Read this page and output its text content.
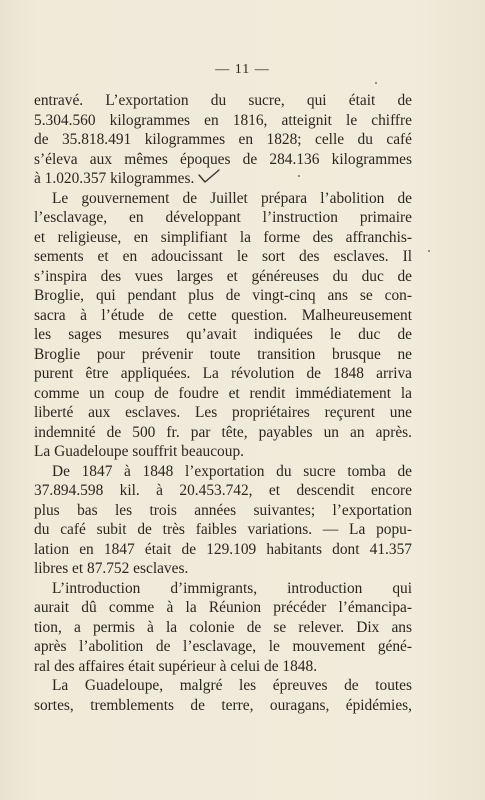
— 11 —
entravé. L’exportation du sucre, qui était de
5.304.560 kilogrammes en 1816, atteignit le chiffre
de 35.818.491 kilogrammes en 1828; celle du café
s’éleva aux mêmes époques de 284.136 kilogrammes
à 1.020.357 kilogrammes.
Le gouvernement de Juillet prépara l’abolition de
l’esclavage, en développant l’instruction primaire
et religieuse, en simplifiant la forme des affranchis-
sements et en adoucissant le sort des esclaves. Il
s’inspira des vues larges et généreuses du duc de
Broglie, qui pendant plus de vingt-cinq ans se con-
sacra à l’étude de cette question. Malheureusement
les sages mesures qu’avait indiquées le duc de
Broglie pour prévenir toute transition brusque ne
purent être appliquées. La révolution de 1848 arriva
comme un coup de foudre et rendit immédiatement la
liberté aux esclaves. Les propriétaires reçurent une
indemnité de 500 fr. par tête, payables un an après.
La Guadeloupe souffrit beaucoup.
De 1847 à 1848 l’exportation du sucre tomba de
37.894.598 kil. à 20.453.742, et descendit encore
plus bas les trois années suivantes; l’exportation
du café subit de très faibles variations. — La popu-
lation en 1847 était de 129.109 habitants dont 41.357
libres et 87.752 esclaves.
L’introduction d’immigrants, introduction qui
aurait dû comme à la Réunion précéder l’émancipa-
tion, a permis à la colonie de se relever. Dix ans
après l’abolition de l’esclavage, le mouvement géné-
ral des affaires était supérieur à celui de 1848.
La Guadeloupe, malgré les épreuves de toutes
sortes, tremblements de terre, ouragans, épidémies,
